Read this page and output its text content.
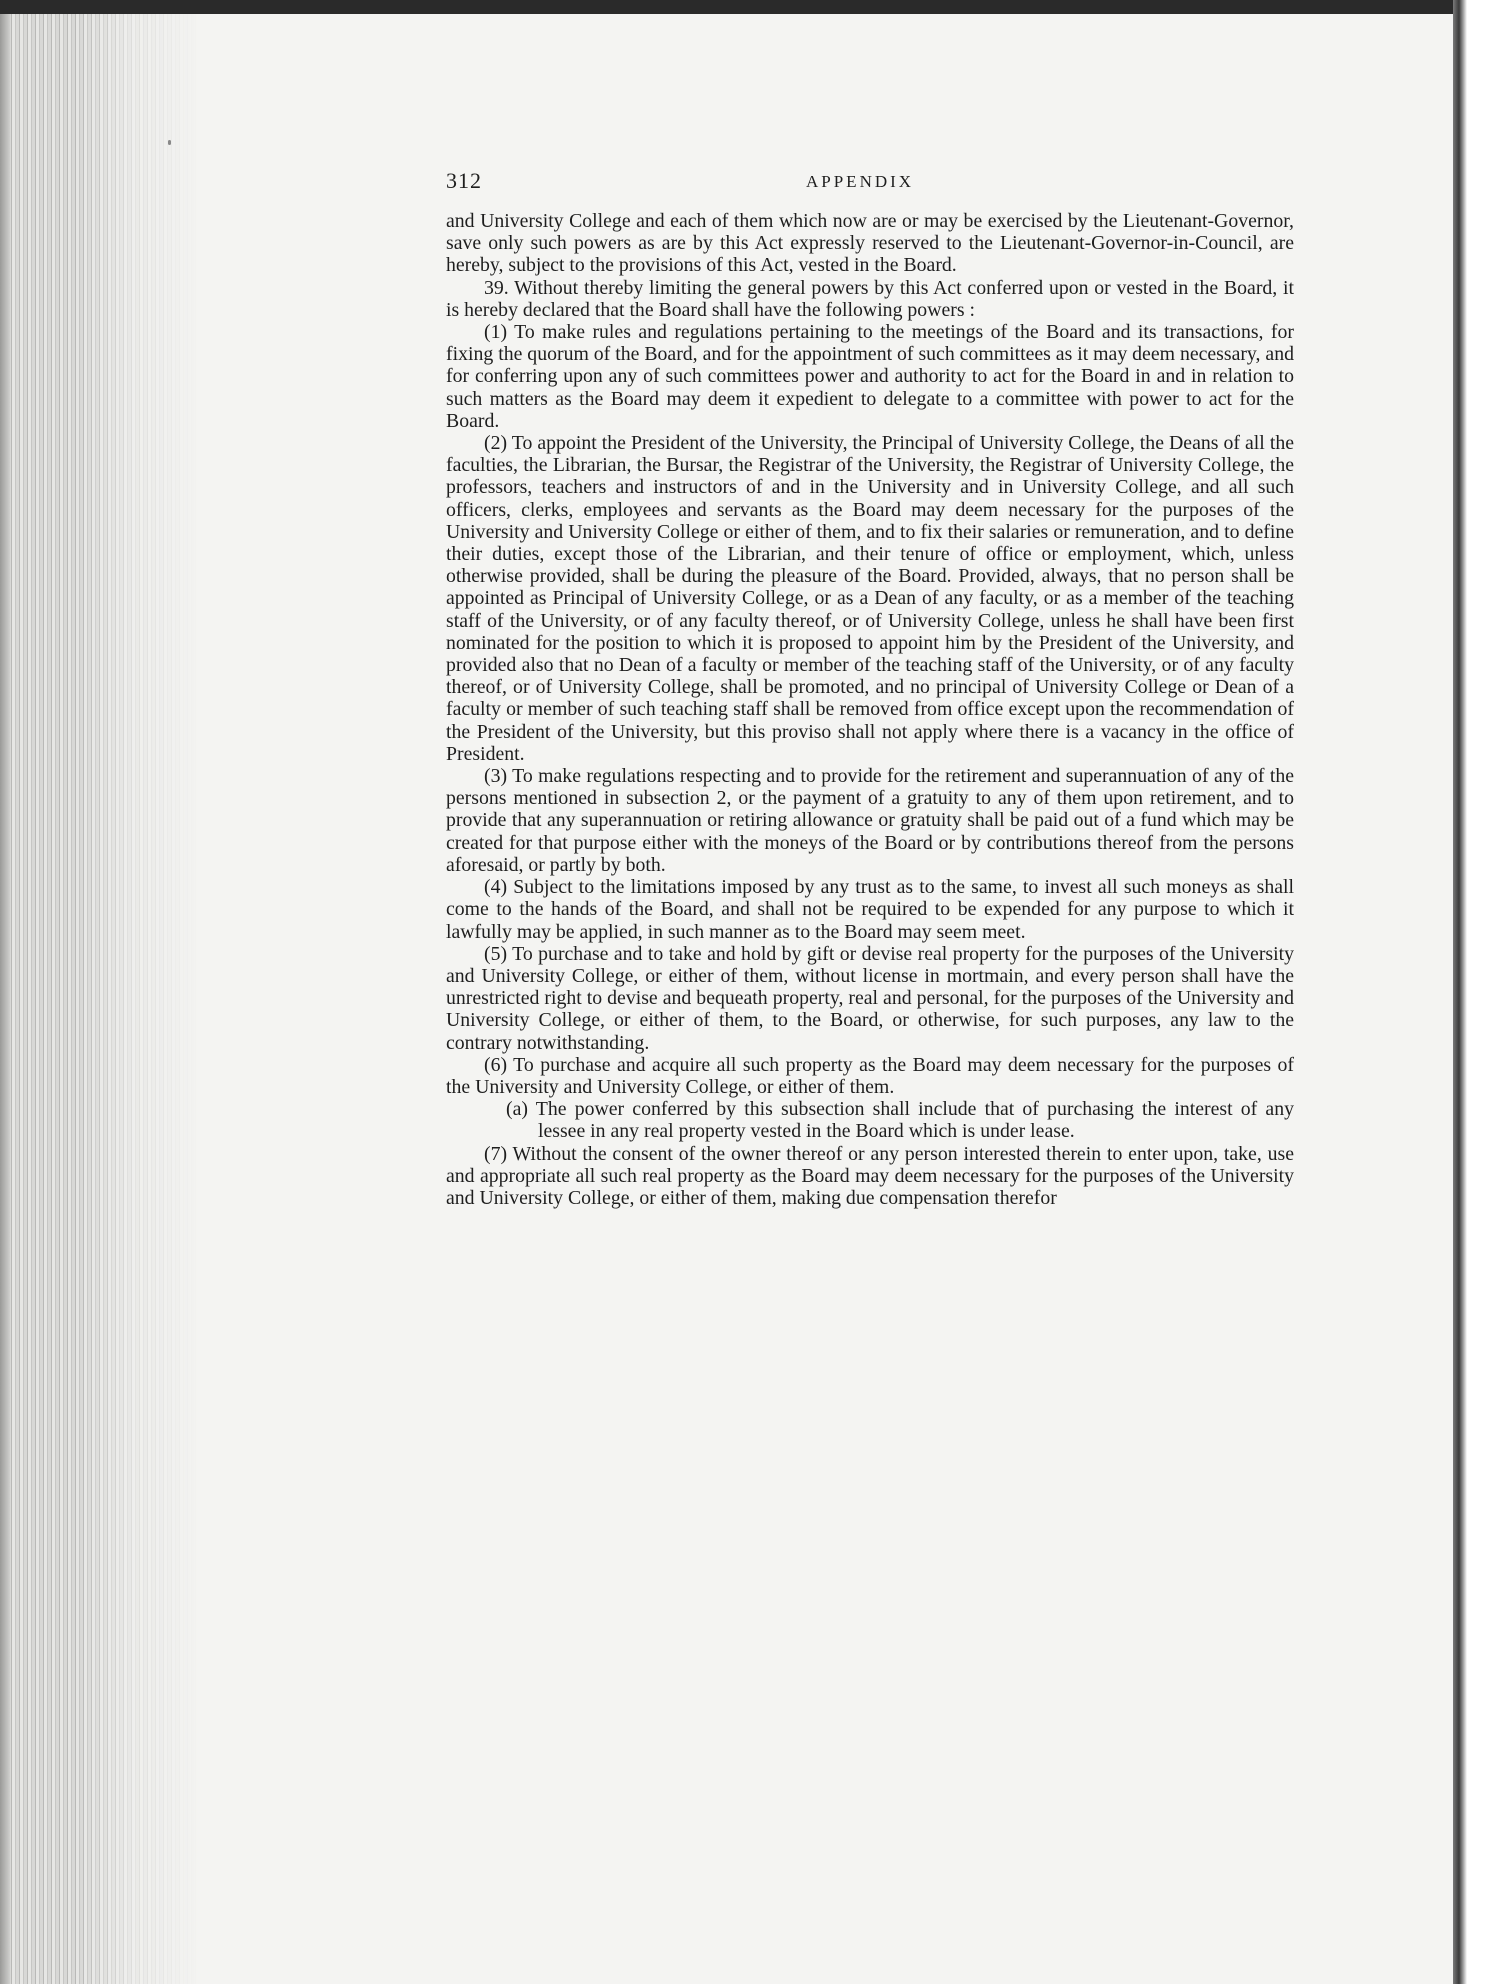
312	APPENDIX

and University College and each of them which now are or may be exercised by the Lieutenant-Governor, save only such powers as are by this Act expressly reserved to the Lieutenant-Governor-in-Council, are hereby, subject to the provisions of this Act, vested in the Board.

39. Without thereby limiting the general powers by this Act conferred upon or vested in the Board, it is hereby declared that the Board shall have the following powers :

(1) To make rules and regulations pertaining to the meetings of the Board and its transactions, for fixing the quorum of the Board, and for the appointment of such committees as it may deem necessary, and for conferring upon any of such committees power and authority to act for the Board in and in relation to such matters as the Board may deem it expedient to delegate to a committee with power to act for the Board.

(2) To appoint the President of the University, the Principal of University College, the Deans of all the faculties, the Librarian, the Bursar, the Registrar of the University, the Registrar of University College, the professors, teachers and instructors of and in the University and in University College, and all such officers, clerks, employees and servants as the Board may deem necessary for the purposes of the University and University College or either of them, and to fix their salaries or remuneration, and to define their duties, except those of the Librarian, and their tenure of office or employment, which, unless otherwise provided, shall be during the pleasure of the Board. Provided, always, that no person shall be appointed as Principal of University College, or as a Dean of any faculty, or as a member of the teaching staff of the University, or of any faculty thereof, or of University College, unless he shall have been first nominated for the position to which it is proposed to appoint him by the President of the University, and provided also that no Dean of a faculty or member of the teaching staff of the University, or of any faculty thereof, or of University College, shall be promoted, and no principal of University College or Dean of a faculty or member of such teaching staff shall be removed from office except upon the recommendation of the President of the University, but this proviso shall not apply where there is a vacancy in the office of President.

(3) To make regulations respecting and to provide for the retirement and superannuation of any of the persons mentioned in subsection 2, or the payment of a gratuity to any of them upon retirement, and to provide that any superannuation or retiring allowance or gratuity shall be paid out of a fund which may be created for that purpose either with the moneys of the Board or by contributions thereof from the persons aforesaid, or partly by both.

(4) Subject to the limitations imposed by any trust as to the same, to invest all such moneys as shall come to the hands of the Board, and shall not be required to be expended for any purpose to which it lawfully may be applied, in such manner as to the Board may seem meet.

(5) To purchase and to take and hold by gift or devise real property for the purposes of the University and University College, or either of them, without license in mortmain, and every person shall have the unrestricted right to devise and bequeath property, real and personal, for the purposes of the University and University College, or either of them, to the Board, or otherwise, for such purposes, any law to the contrary notwithstanding.

(6) To purchase and acquire all such property as the Board may deem necessary for the purposes of the University and University College, or either of them.

(a) The power conferred by this subsection shall include that of purchasing the interest of any lessee in any real property vested in the Board which is under lease.

(7) Without the consent of the owner thereof or any person interested therein to enter upon, take, use and appropriate all such real property as the Board may deem necessary for the purposes of the University and University College, or either of them, making due compensation therefor
